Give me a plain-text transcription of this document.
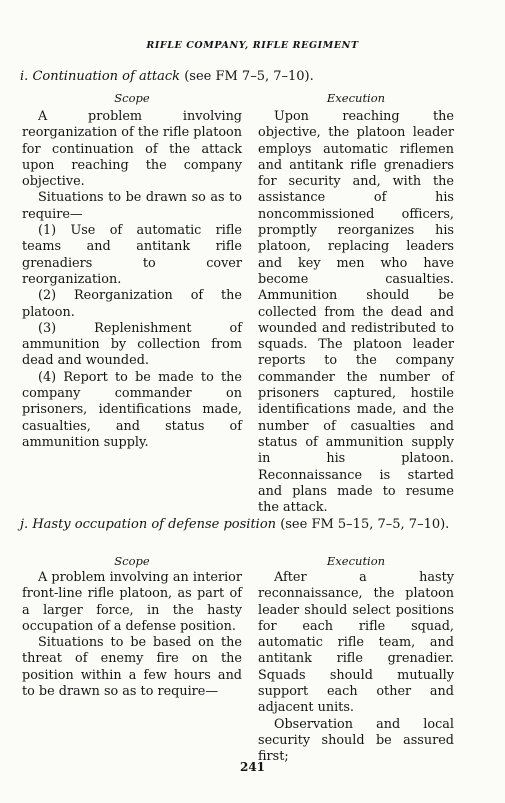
RIFLE COMPANY, RIFLE REGIMENT
i. Continuation of attack (see FM 7–5, 7–10).
Scope	Execution

A problem involving reorganization of the rifle platoon for continuation of the attack upon reaching the company objective.

Situations to be drawn so as to require—

(1) Use of automatic rifle teams and antitank rifle grenadiers to cover reorganization.

(2) Reorganization of the platoon.

(3) Replenishment of ammunition by collection from dead and wounded.

(4) Report to be made to the company commander on prisoners, identifications made, casualties, and status of ammunition supply.

Upon reaching the objective, the platoon leader employs automatic riflemen and antitank rifle grenadiers for security and, with the assistance of his noncommissioned officers, promptly reorganizes his platoon, replacing leaders and key men who have become casualties. Ammunition should be collected from the dead and wounded and redistributed to squads. The platoon leader reports to the company commander the number of prisoners captured, hostile identifications made, and the number of casualties and status of ammunition supply in his platoon. Reconnaissance is started and plans made to resume the attack.

j. Hasty occupation of defense position (see FM 5–15, 7–5, 7–10).
Scope	Execution

A problem involving an interior front-line rifle platoon, as part of a larger force, in the hasty occupation of a defense position.

Situations to be based on the threat of enemy fire on the position within a few hours and to be drawn so as to require—

After a hasty reconnaissance, the platoon leader should select positions for each rifle squad, automatic rifle team, and antitank rifle grenadier. Squads should mutually support each other and adjacent units.

Observation and local security should be assured first;

241
